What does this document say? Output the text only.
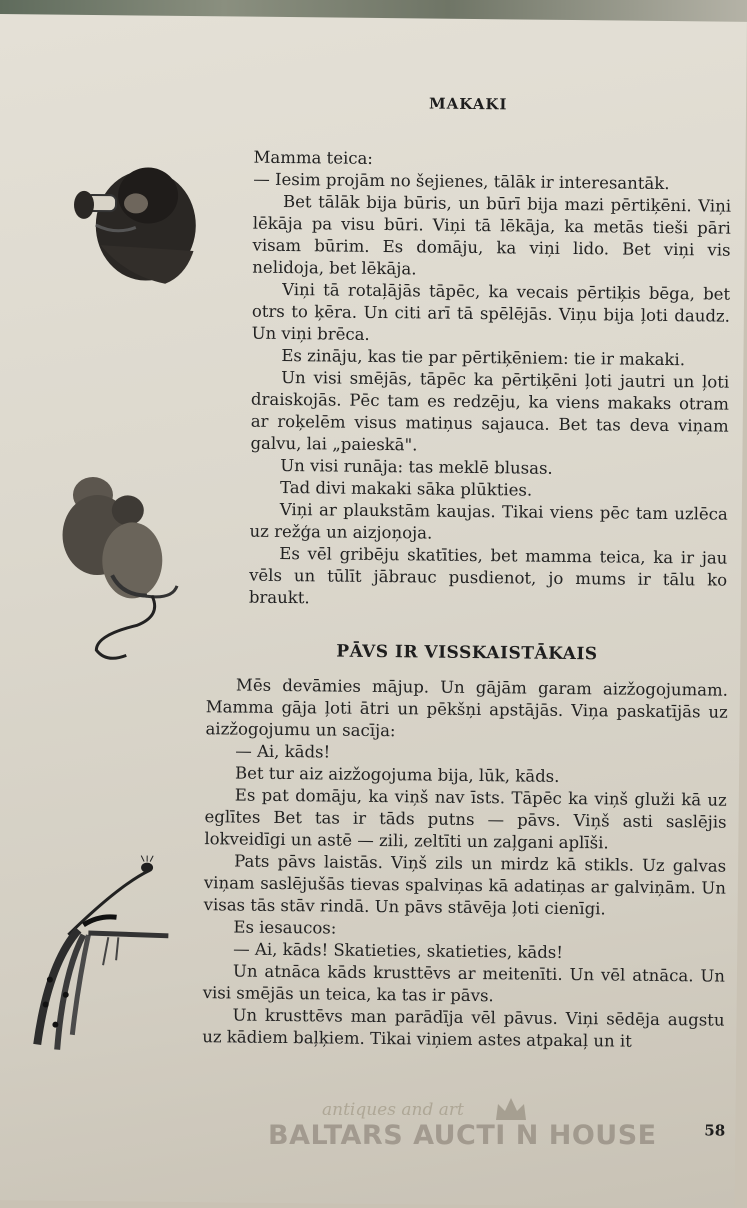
MAKAKI

Mamma teica:

— Iesim projām no šejienes, tālāk ir interesantāk.

Bet tālāk bija būris, un būrī bija mazi pērtiķēni. Viņi lēkāja pa visu būri. Viņi tā lēkāja, ka metās tieši pāri visam būrim. Es domāju, ka viņi lido. Bet viņi vis nelidoja, bet lēkāja.

Viņi tā rotaļājās tāpēc, ka vecais pērtiķis bēga, bet otrs to ķēra. Un citi arī tā spēlējās. Viņu bija ļoti daudz. Un viņi brēca.

Es zināju, kas tie par pērtiķēniem: tie ir makaki.

Un visi smējās, tāpēc ka pērtiķēni ļoti jautri un ļoti draiskojās. Pēc tam es redzēju, ka viens makaks otram ar roķelēm visus matiņus sajauca. Bet tas deva viņam galvu, lai „paieskā".

Un visi runāja: tas meklē blusas.

Tad divi makaki sāka plūkties.

Viņi ar plaukstām kaujas. Tikai viens pēc tam uzlēca uz režģa un aizjoņoja.

Es vēl gribēju skatīties, bet mamma teica, ka ir jau vēls un tūlīt jābrauc pusdienot, jo mums ir tālu ko braukt.

PĀVS IR VISSKAISTĀKAIS

Mēs devāmies mājup. Un gājām garam aizžogojumam. Mamma gāja ļoti ātri un pēkšņi apstājās. Viņa paskatījās uz aizžogojumu un sacīja:

— Ai, kāds!

Bet tur aiz aizžogojuma bija, lūk, kāds.

Es pat domāju, ka viņš nav īsts. Tāpēc ka viņš gluži kā uz eglītes Bet tas ir tāds putns — pāvs. Viņš asti saslējis lokveidīgi un astē — zili, zeltīti un zaļgani aplīši.

Pats pāvs laistās. Viņš zils un mirdz kā stikls. Uz galvas viņam saslējušās tievas spalviņas kā adatiņas ar galviņām. Un visas tās stāv rindā. Un pāvs stāvēja ļoti cienīgi.

Es iesaucos:

— Ai, kāds! Skatieties, skatieties, kāds!

Un atnāca kāds krusttēvs ar meitenīti. Un vēl atnāca. Un visi smējās un teica, ka tas ir pāvs.

Un krusttēvs man parādīja vēl pāvus. Viņi sēdēja augstu uz kādiem baļķiem. Tikai viņiem astes atpakaļ un it

58
antiques and art
BALTARS AUCTI N HOUSE
